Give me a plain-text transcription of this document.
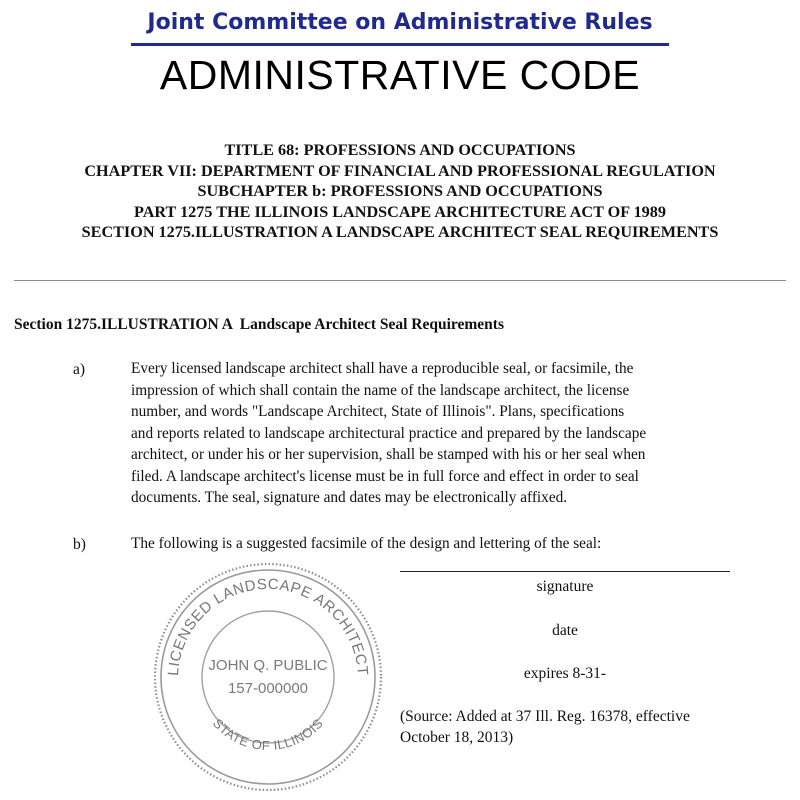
Joint Committee on Administrative Rules
ADMINISTRATIVE CODE
TITLE 68: PROFESSIONS AND OCCUPATIONS
CHAPTER VII: DEPARTMENT OF FINANCIAL AND PROFESSIONAL REGULATION
SUBCHAPTER b: PROFESSIONS AND OCCUPATIONS
PART 1275 THE ILLINOIS LANDSCAPE ARCHITECTURE ACT OF 1989
SECTION 1275.ILLUSTRATION A LANDSCAPE ARCHITECT SEAL REQUIREMENTS
Section 1275.ILLUSTRATION A  Landscape Architect Seal Requirements
a)	Every licensed landscape architect shall have a reproducible seal, or facsimile, the
impression of which shall contain the name of the landscape architect, the license
number, and words "Landscape Architect, State of Illinois". Plans, specifications
and reports related to landscape architectural practice and prepared by the landscape
architect, or under his or her supervision, shall be stamped with his or her seal when
filed. A landscape architect's license must be in full force and effect in order to seal
documents. The seal, signature and dates may be electronically affixed.
b)	The following is a suggested facsimile of the design and lettering of the seal:
LICENSED LANDSCAPE ARCHITECT
STATE OF ILLINOIS
JOHN Q. PUBLIC
157-000000
signature
date
expires 8-31-
(Source: Added at 37 Ill. Reg. 16378, effective
October 18, 2013)
